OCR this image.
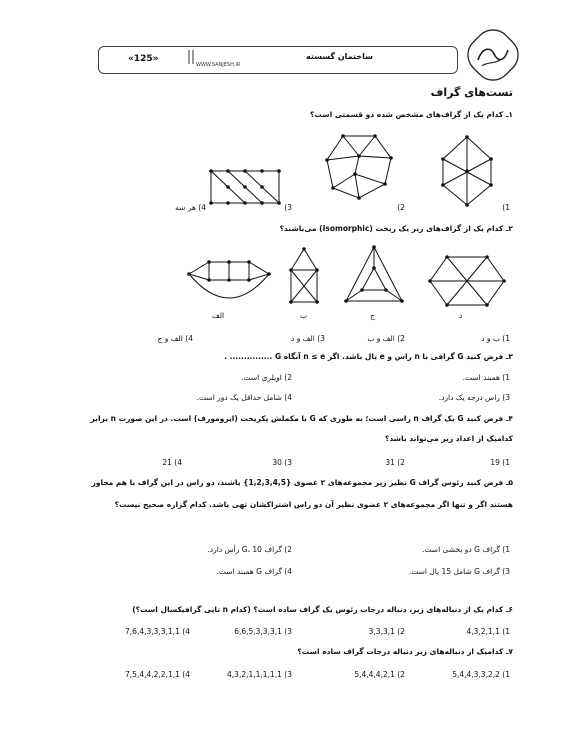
«125»
WWW.SANJESH.IR
ساختمان گسسته
تست‌های گراف
۱ـ کدام یک از گراف‌های مشخص شده دو قسمتی است؟
1)
2)
3)
4) هر سه
۲ـ کدام یک از گراف‌های زیر یک ریخت (Isomorphic) می‌باشند؟
د
ج
ب
الف
1) ب و د
2) الف و ب
3) الف و د
4) الف و ج
۳ـ فرض کنید G گرافی با n راس و e یال باشد. اگر n ≤ e آنگاه G ............... .
1) همبند است.
2) اویلری است.
3) راس درجه یک دارد.
4) شامل حداقل یک دور است.
۴ـ فرض کنید G یک گراف n راسی است؛ به طوری که G با مکملش یکریخت (ایزومورف) است. در این صورت n برابر
کدامیک از اعداد زیر می‌تواند باشد؟
1) 19
2) 31
3) 30
4) 21
۵ـ فرض کنید رئوس گراف G نظیر زیر مجموعه‌های ۲ عضوی {1,2,3,4,5} باشند، دو راس در این گراف با هم مجاور
هستند اگر و تنها اگر مجموعه‌های ۲ عضوی نظیر آن دو راس اشتراکشان تهی باشد. کدام گزاره صحیح نیست؟
1) گراف G دو بخشی است.
2) گراف G، 10 رأس دارد.
3) گراف G شامل 15 یال است.
4) گراف G همبند است.
۶ـ کدام یک از دنباله‌های زیر، دنباله درجات رئوس یک گراف ساده است؟ (کدام n تایی گرافیکسال است؟)
1) 4,3,2,1,1
2) 3,3,3,1
3) 6,6,5,3,3,3,1
4) 7,6,4,3,3,3,1,1
۷ـ کدامیک از دنباله‌های زیر دنباله درجات گراف ساده است؟
1) 5,4,4,3,3,2,2
2) 5,4,4,4,2,1
3) 4,3,2,1,1,1,1,1
4) 7,5,4,4,2,2,1,1
